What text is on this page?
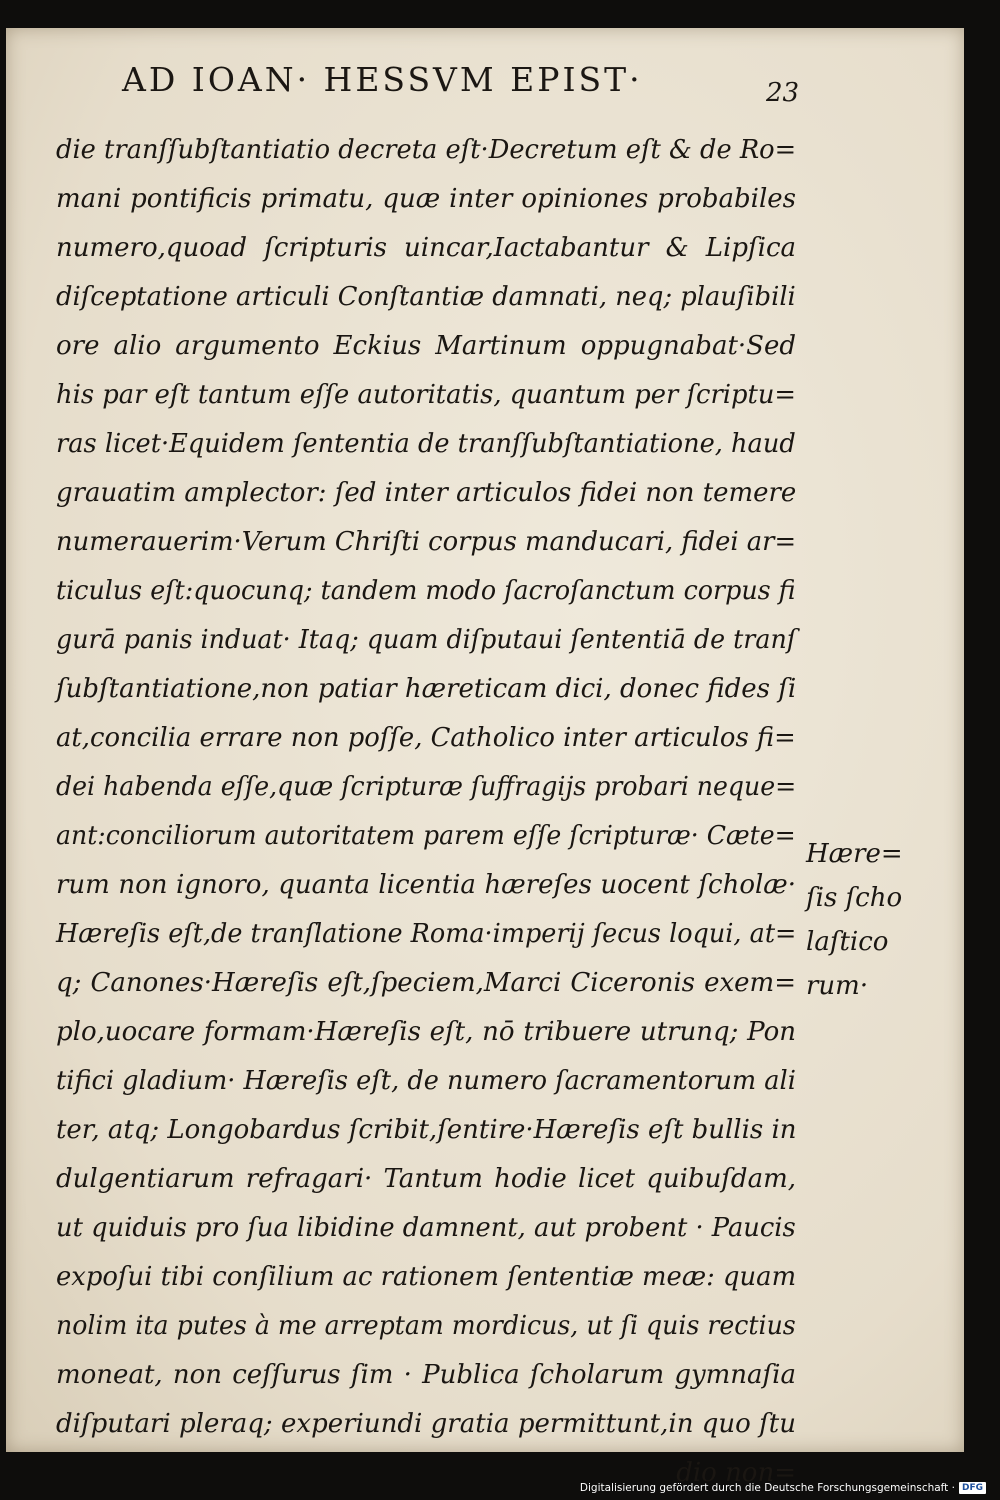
AD IOAN· HESSVM EPIST·	23
die tranſſubſtantiatio decreta eſt·Decretum eſt & de Ro=
mani pontificis primatu, quæ inter opiniones probabiles
numero,quoad ſcripturis uincar,Iactabantur & Lipſica
diſceptatione articuli Conſtantiæ damnati, neq; plauſibili
ore alio argumento Eckius Martinum oppugnabat·Sed
his par eſt tantum eſſe autoritatis, quantum per ſcriptu=
ras licet·Equidem ſententia de tranſſubſtantiatione, haud
grauatim amplector: ſed inter articulos fidei non temere
numerauerim·Verum Chriſti corpus manducari, fidei ar=
ticulus eſt:quocunq; tandem modo ſacroſanctum corpus fi
gurā panis induat· Itaq; quam diſputaui ſententiā de tranſ
ſubſtantiatione,non patiar hæreticam dici, donec fides ſi
at,concilia errare non poſſe, Catholico inter articulos fi=
dei habenda eſſe,quæ ſcripturæ ſuffragijs probari neque=
ant:conciliorum autoritatem parem eſſe ſcripturæ· Cæte=
rum non ignoro, quanta licentia hæreſes uocent ſcholæ·
Hæreſis eſt,de tranſlatione Roma·imperij ſecus loqui, at=
q; Canones·Hæreſis eſt,ſpeciem,Marci Ciceronis exem=
plo,uocare formam·Hæreſis eſt, nō tribuere utrunq; Pon
tifici gladium· Hæreſis eſt, de numero ſacramentorum ali
ter, atq; Longobardus ſcribit,ſentire·Hæreſis eſt bullis in
dulgentiarum refragari· Tantum hodie licet quibuſdam,
ut quiduis pro ſua libidine damnent, aut probent · Paucis
expoſui tibi conſilium ac rationem ſententiæ meæ: quam
nolim ita putes à me arreptam mordicus, ut ſi quis rectius
moneat, non ceſſurus ſim · Publica ſcholarum gymnaſia
diſputari pleraq; experiundi gratia permittunt,in quo ſtu
dio non=
Hære=
ſis ſcho
laſtico
rum·
Digitalisierung gefördert durch die Deutsche Forschungsgemeinschaft · DFG
